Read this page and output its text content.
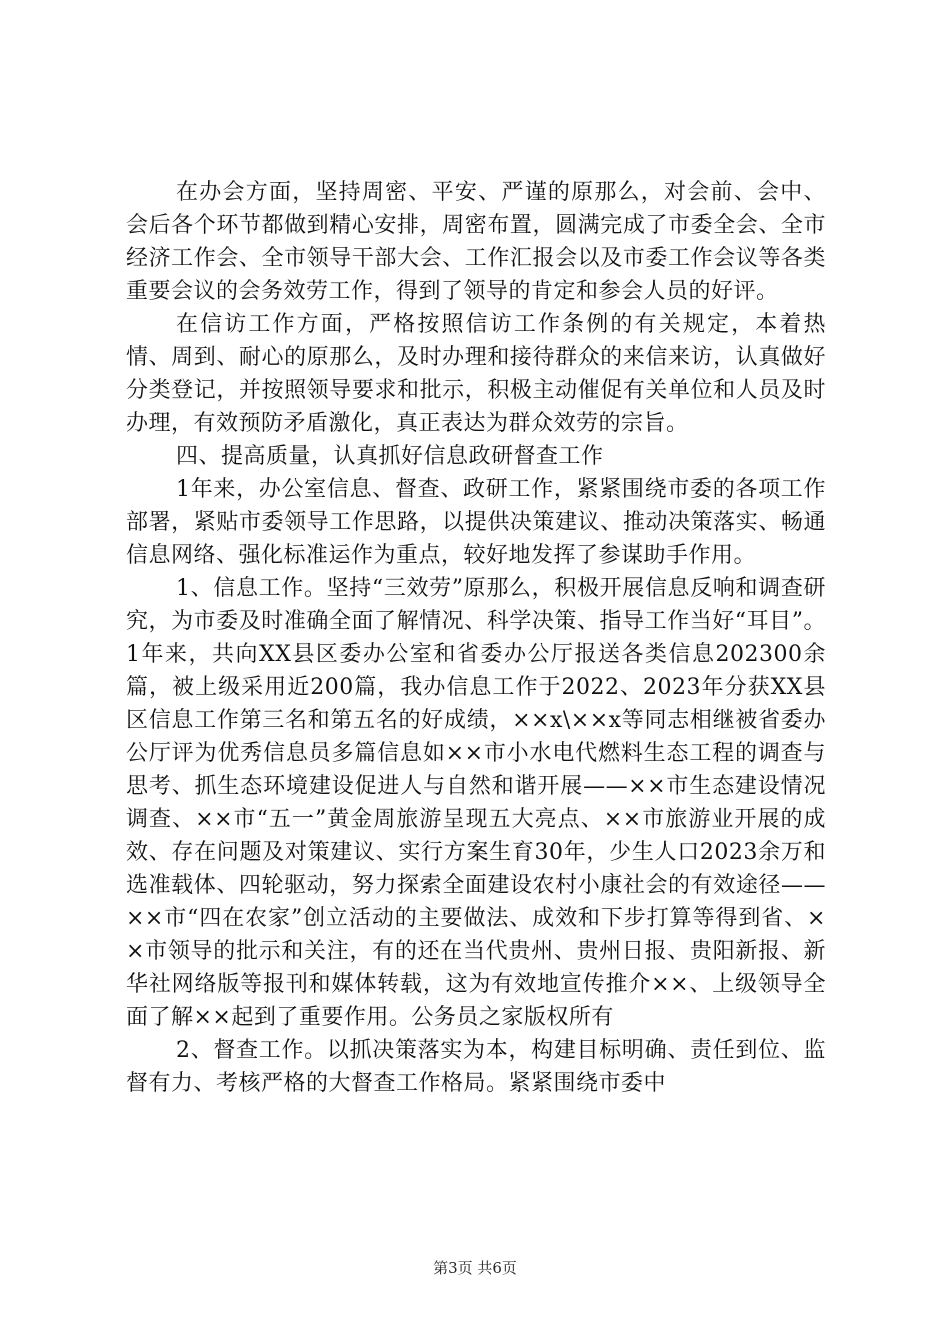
在办会方面，坚持周密、平安、严谨的原那么，对会前、会中、会后各个环节都做到精心安排，周密布置，圆满完成了市委全会、全市经济工作会、全市领导干部大会、工作汇报会以及市委工作会议等各类重要会议的会务效劳工作，得到了领导的肯定和参会人员的好评。

在信访工作方面，严格按照信访工作条例的有关规定，本着热情、周到、耐心的原那么，及时办理和接待群众的来信来访，认真做好分类登记，并按照领导要求和批示，积极主动催促有关单位和人员及时办理，有效预防矛盾激化，真正表达为群众效劳的宗旨。

四、提高质量，认真抓好信息政研督查工作

1年来，办公室信息、督查、政研工作，紧紧围绕市委的各项工作部署，紧贴市委领导工作思路，以提供决策建议、推动决策落实、畅通信息网络、强化标准运作为重点，较好地发挥了参谋助手作用。

1、信息工作。坚持“三效劳”原那么，积极开展信息反响和调查研究，为市委及时准确全面了解情况、科学决策、指导工作当好“耳目”。1年来，共向XX县区委办公室和省委办公厅报送各类信息202300余篇，被上级采用近200篇，我办信息工作于2022、2023年分获XX县区信息工作第三名和第五名的好成绩，××x\××x等同志相继被省委办公厅评为优秀信息员多篇信息如××市小水电代燃料生态工程的调查与思考、抓生态环境建设促进人与自然和谐开展——××市生态建设情况调查、××市“五一”黄金周旅游呈现五大亮点、××市旅游业开展的成效、存在问题及对策建议、实行方案生育30年，少生人口2023余万和选准载体、四轮驱动，努力探索全面建设农村小康社会的有效途径——××市“四在农家”创立活动的主要做法、成效和下步打算等得到省、××市领导的批示和关注，有的还在当代贵州、贵州日报、贵阳新报、新华社网络版等报刊和媒体转载，这为有效地宣传推介××、上级领导全面了解××起到了重要作用。公务员之家版权所有

2、督查工作。以抓决策落实为本，构建目标明确、责任到位、监督有力、考核严格的大督查工作格局。紧紧围绕市委中

第3页 共6页
